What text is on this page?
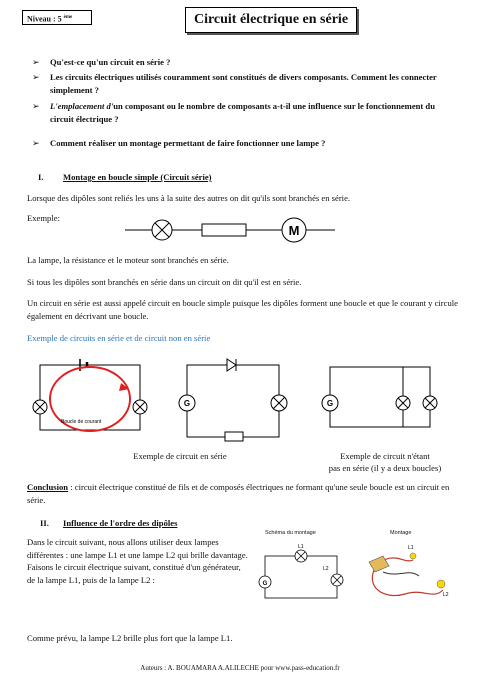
Niveau : 5 $^{ème}$	Circuit électrique en série
➢ Qu'est-ce qu'un circuit en série ?
➢ Les circuits électriques utilisés couramment sont constitués de divers composants. Comment les connecter simplement ?
➢ L'emplacement d'un composant ou le nombre de composants a-t-il une influence sur le fonctionnement du circuit électrique ?
➢ Comment réaliser un montage permettant de faire fonctionner une lampe ?
I. Montage en boucle simple (Circuit série)
Lorsque des dipôles sont reliés les uns à la suite des autres on dit qu'ils sont branchés en série.
Exemple:
M
La lampe, la résistance et le moteur sont branchés en série.
Si tous les dipôles sont branchés en série dans un circuit on dit qu'il est en série.
Un circuit en série est aussi appelé circuit en boucle simple puisque les dipôles forment une boucle et que le courant y circule également en décrivant une boucle.
Exemple de circuits en série et de circuit non en série
Boucle de courant
G	G
Exemple de circuit en série	Exemple de circuit n'étant
pas en série (il y a deux boucles)
Conclusion : circuit électrique constitué de fils et de composés électriques ne formant qu'une seule boucle est un circuit en série.
II. Influence de l'ordre des dipôles
Dans le circuit suivant, nous allons utiliser deux lampes différentes : une lampe L1 et une lampe L2 qui brille davantage. Faisons le circuit électrique suivant, constitué d'un générateur, de la lampe L1, puis de la lampe L2 :
Schéma du montage
G
L1
L2
Montage
L1
L2
Comme prévu, la lampe L2 brille plus fort que la lampe L1.
Auteurs : A. BOUAMARA A.ALILECHE pour www.pass-education.fr
